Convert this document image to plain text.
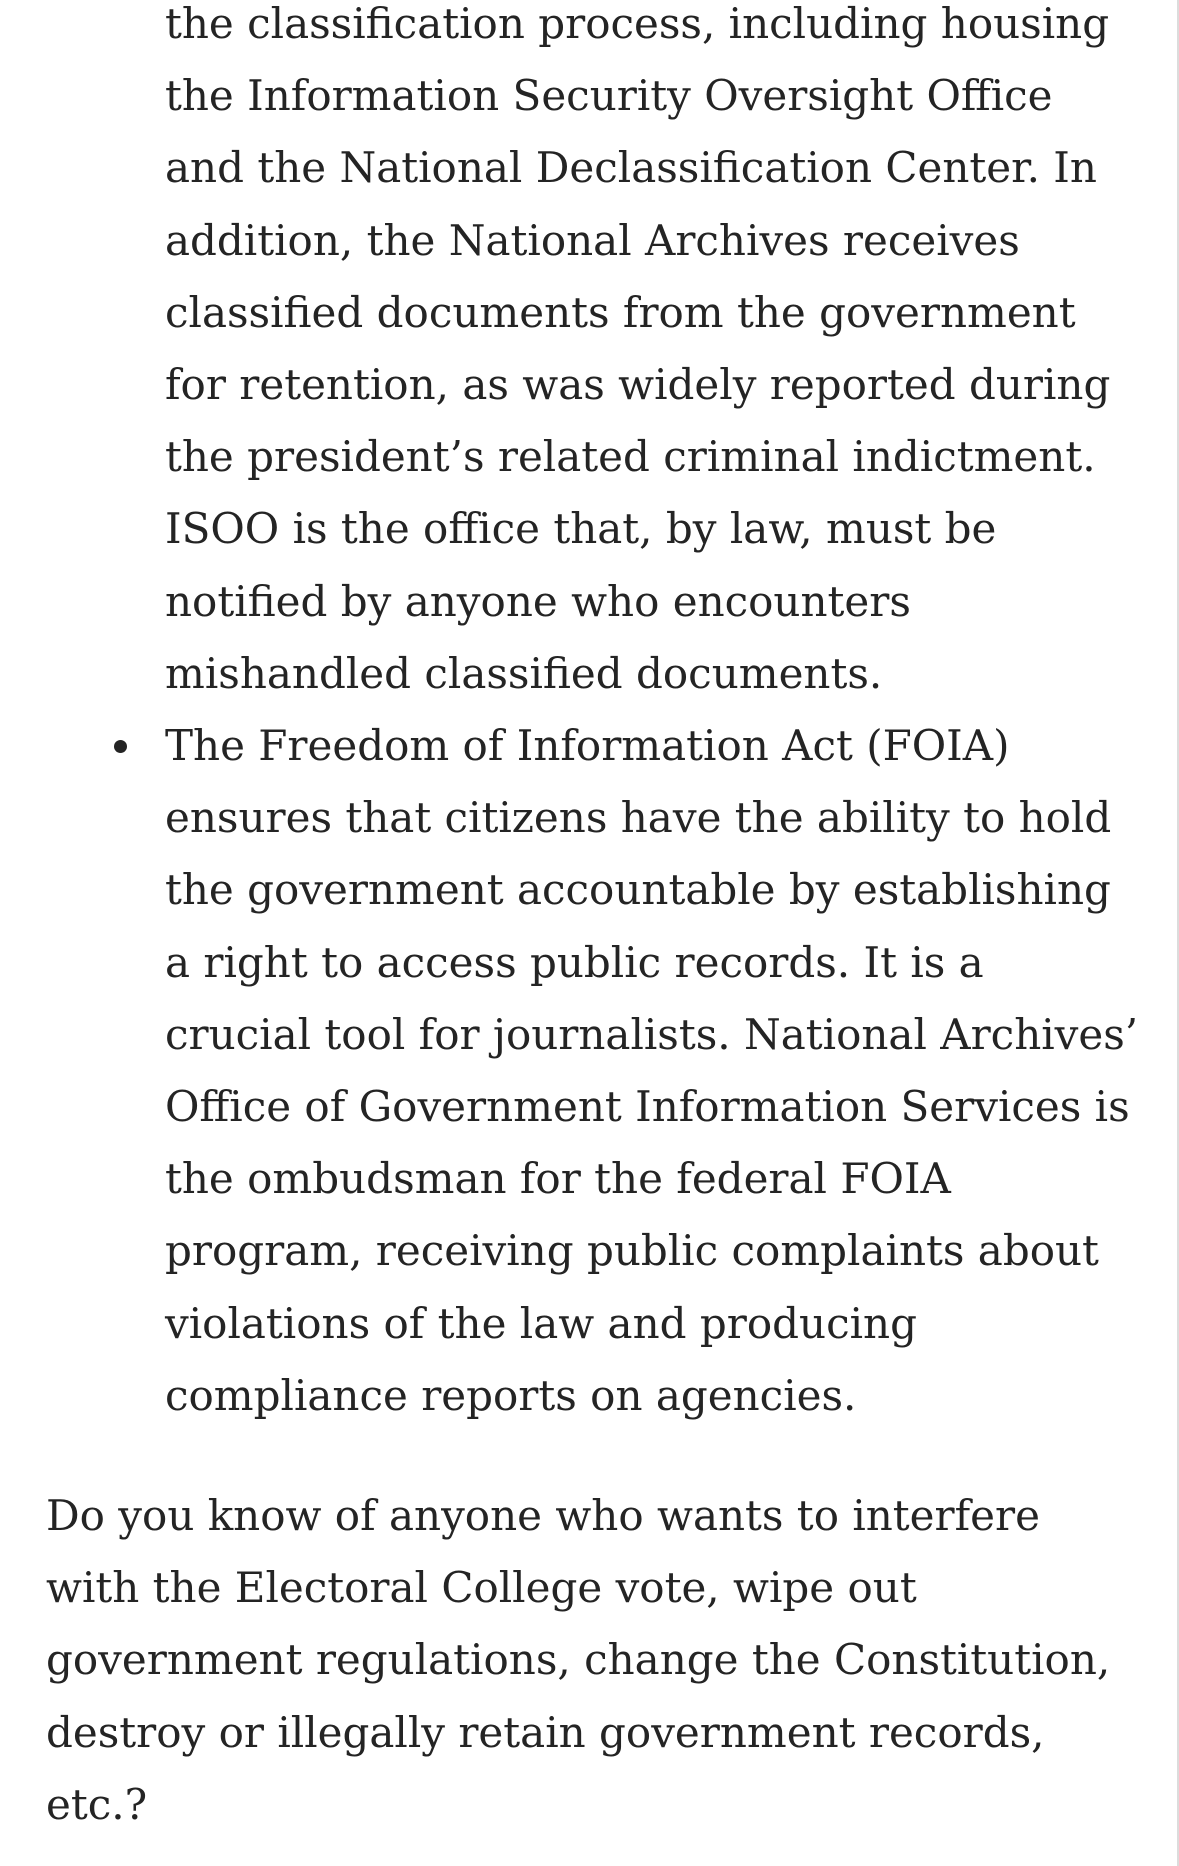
the classification process, including housing the Information Security Oversight Office and the National Declassification Center. In addition, the National Archives receives classified documents from the government for retention, as was widely reported during the president’s related criminal indictment. ISOO is the office that, by law, must be notified by anyone who encounters mishandled classified documents.
The Freedom of Information Act (FOIA) ensures that citizens have the ability to hold the government accountable by establishing a right to access public records. It is a crucial tool for journalists. National Archives’ Office of Government Information Services is the ombudsman for the federal FOIA program, receiving public complaints about violations of the law and producing compliance reports on agencies.

Do you know of anyone who wants to interfere with the Electoral College vote, wipe out government regulations, change the Constitution, destroy or illegally retain government records, etc.?
